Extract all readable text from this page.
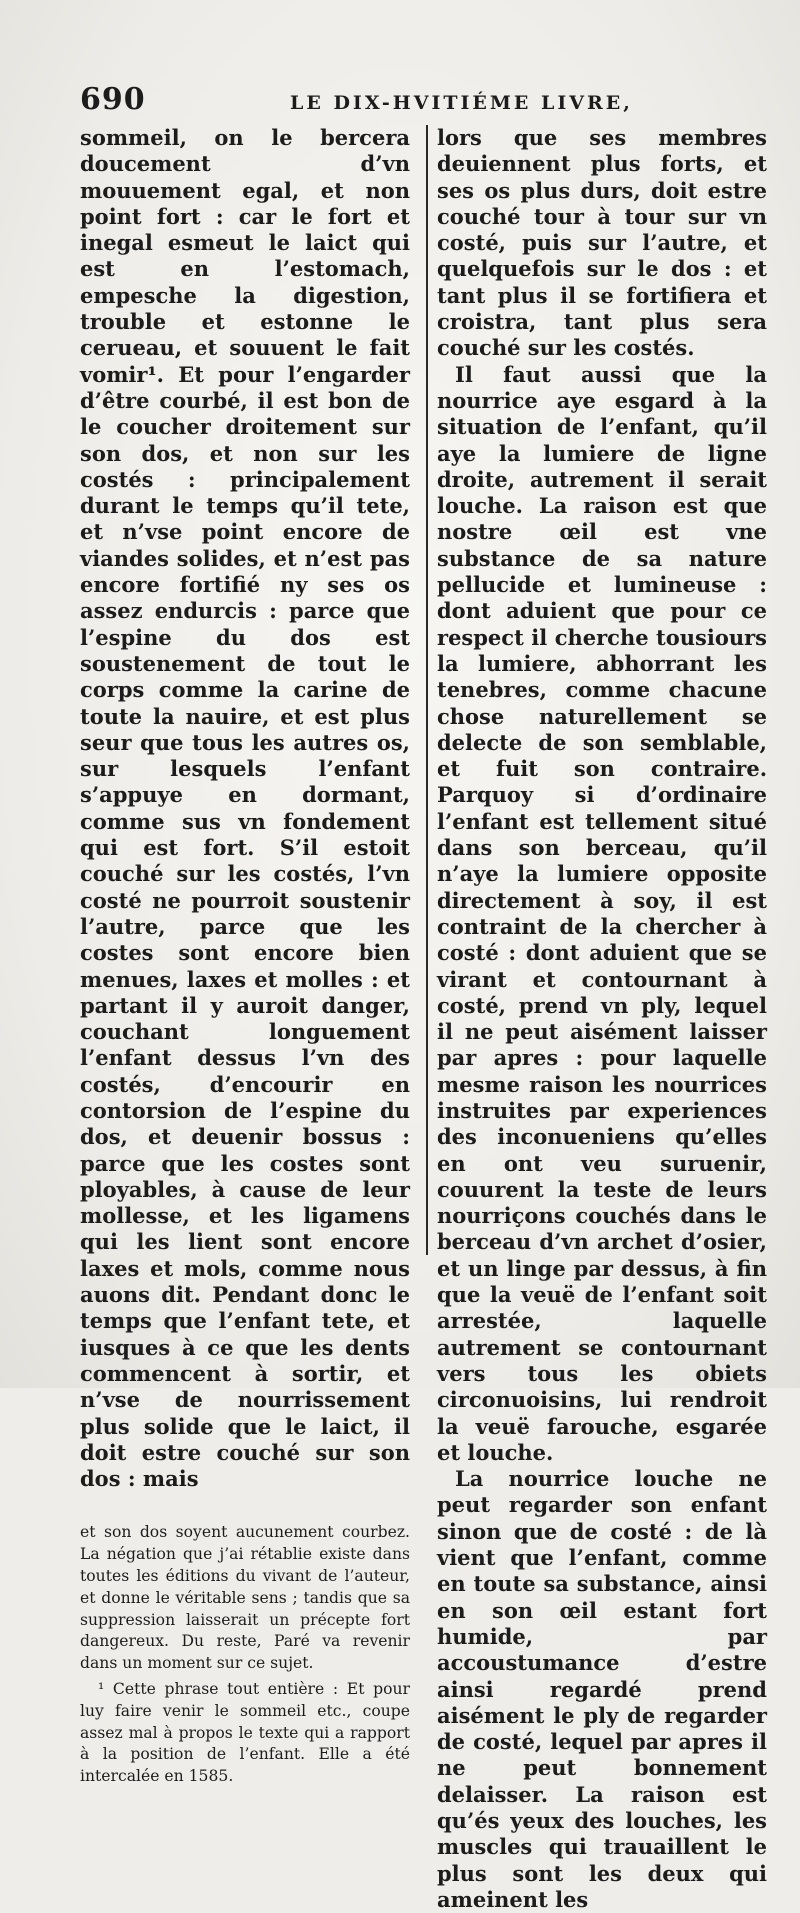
690	LE DIX-HVITIÉME LIVRE,

sommeil, on le bercera doucement d’vn mouuement egal, et non point fort : car le fort et inegal esmeut le laict qui est en l’estomach, empesche la digestion, trouble et estonne le cerueau, et souuent le fait vomir¹. Et pour l’engarder d’être courbé, il est bon de le coucher droitement sur son dos, et non sur les costés : principalement durant le temps qu’il tete, et n’vse point encore de viandes solides, et n’est pas encore fortifié ny ses os assez endurcis : parce que l’espine du dos est soustenement de tout le corps comme la carine de toute la nauire, et est plus seur que tous les autres os, sur lesquels l’enfant s’appuye en dormant, comme sus vn fondement qui est fort. S’il estoit couché sur les costés, l’vn costé ne pourroit soustenir l’autre, parce que les costes sont encore bien menues, laxes et molles : et partant il y auroit danger, couchant longuement l’enfant dessus l’vn des costés, d’encourir en contorsion de l’espine du dos, et deuenir bossus : parce que les costes sont ployables, à cause de leur mollesse, et les ligamens qui les lient sont encore laxes et mols, comme nous auons dit. Pendant donc le temps que l’enfant tete, et iusques à ce que les dents commencent à sortir, et n’vse de nourrissement plus solide que le laict, il doit estre couché sur son dos : mais

et son dos soyent aucunement courbez. La négation que j’ai rétablie existe dans toutes les éditions du vivant de l’auteur, et donne le véritable sens ; tandis que sa suppression laisserait un précepte fort dangereux. Du reste, Paré va revenir dans un moment sur ce sujet.

¹ Cette phrase tout entière : Et pour luy faire venir le sommeil etc., coupe assez mal à propos le texte qui a rapport à la position de l’enfant. Elle a été intercalée en 1585.

lors que ses membres deuiennent plus forts, et ses os plus durs, doit estre couché tour à tour sur vn costé, puis sur l’autre, et quelquefois sur le dos : et tant plus il se fortifiera et croistra, tant plus sera couché sur les costés.

Il faut aussi que la nourrice aye esgard à la situation de l’enfant, qu’il aye la lumiere de ligne droite, autrement il serait louche. La raison est que nostre œil est vne substance de sa nature pellucide et lumineuse : dont aduient que pour ce respect il cherche tousiours la lumiere, abhorrant les tenebres, comme chacune chose naturellement se delecte de son semblable, et fuit son contraire. Parquoy si d’ordinaire l’enfant est tellement situé dans son berceau, qu’il n’aye la lumiere opposite directement à soy, il est contraint de la chercher à costé : dont aduient que se virant et contournant à costé, prend vn ply, lequel il ne peut aisément laisser par apres : pour laquelle mesme raison les nourrices instruites par experiences des inconueniens qu’elles en ont veu suruenir, couurent la teste de leurs nourriçons couchés dans le berceau d’vn archet d’osier, et un linge par dessus, à fin que la veuë de l’enfant soit arrestée, laquelle autrement se contournant vers tous les obiets circonuoisins, lui rendroit la veuë farouche, esgarée et louche.

La nourrice louche ne peut regarder son enfant sinon que de costé : de là vient que l’enfant, comme en toute sa substance, ainsi en son œil estant fort humide, par accoustumance d’estre ainsi regardé prend aisément le ply de regarder de costé, lequel par apres il ne peut bonnement delaisser. La raison est qu’és yeux des louches, les muscles qui trauaillent le plus sont les deux qui ameinent les
